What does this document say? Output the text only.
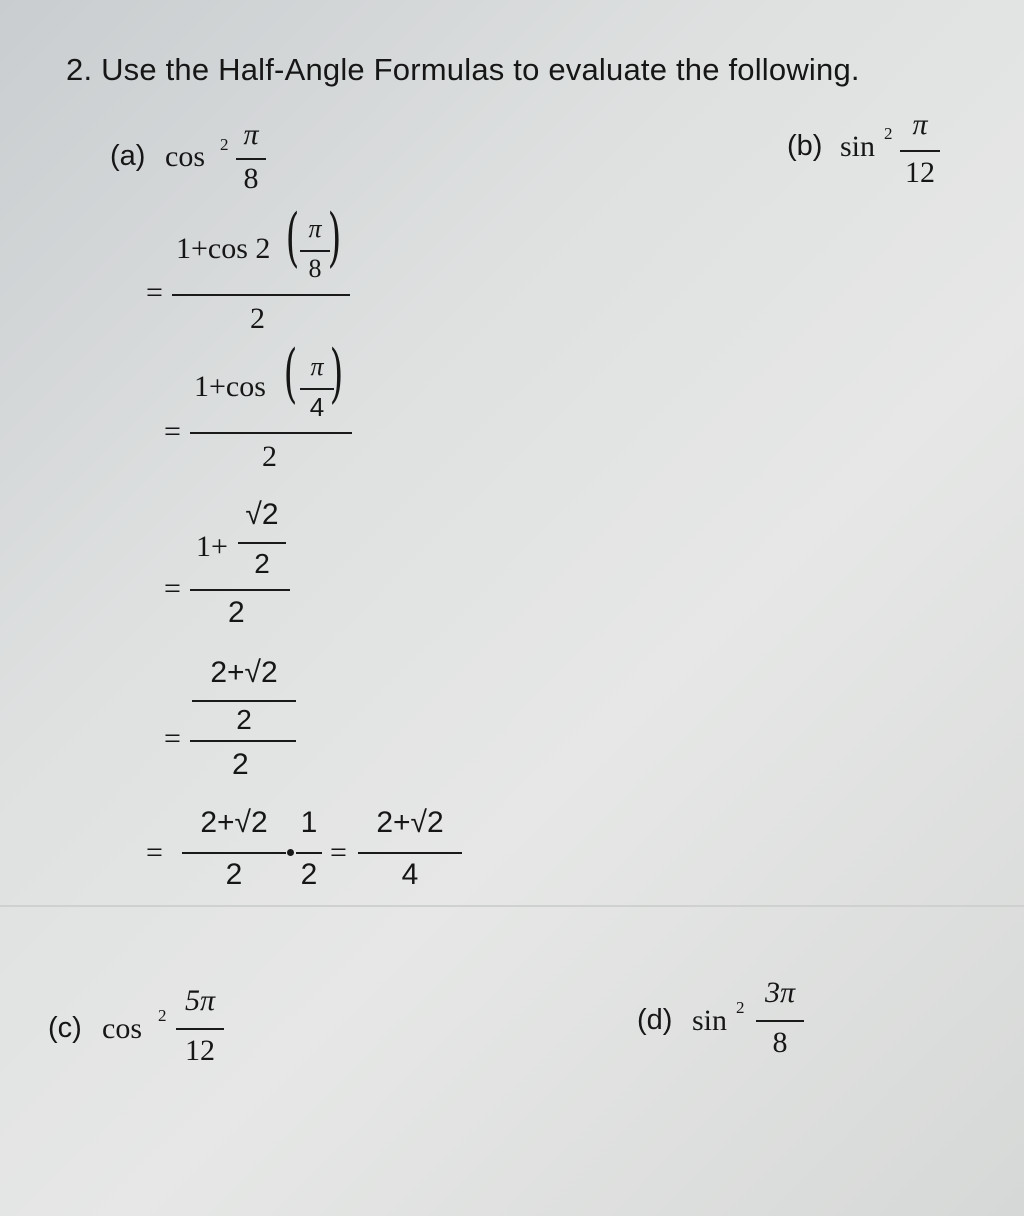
2. Use the Half-Angle Formulas to evaluate the following.
(a) cos 2 π
8
(b) sin 2 π
12
=
1+cos 2 ( π
8 )
2
=
1+cos ( π
4 )
2
=
1+
√2
2
2
=
2+√2
2
2
=
2+√2
2
1
2
=
2+√2
4
(c) cos 2 5π
12
(d) sin 2 3π
8
